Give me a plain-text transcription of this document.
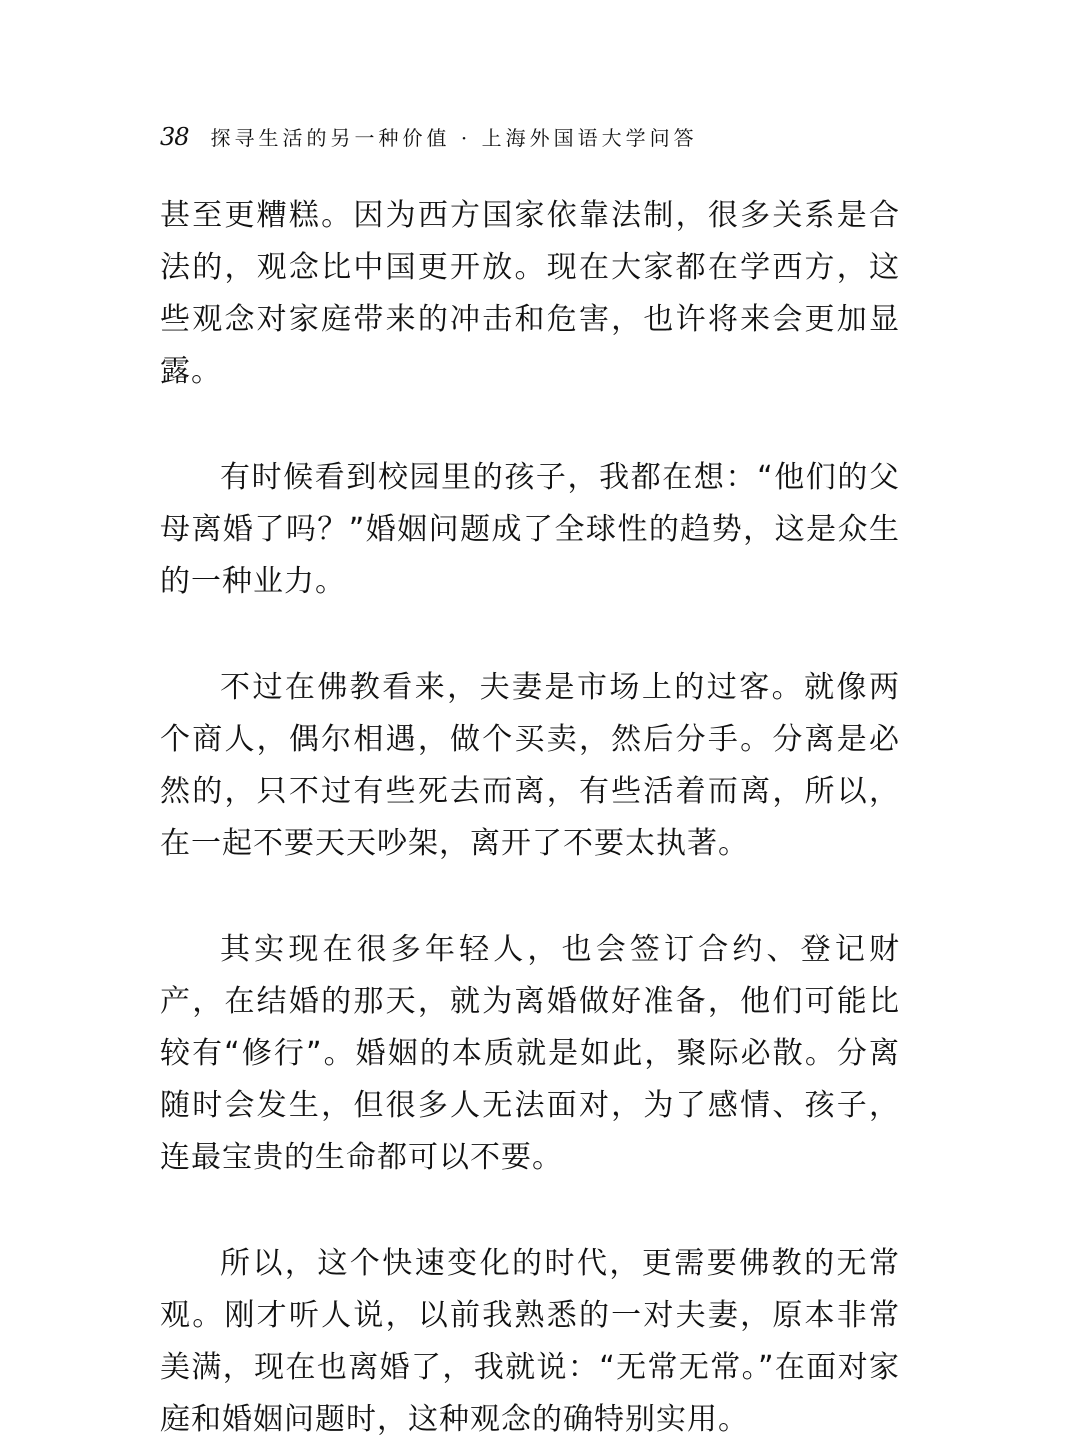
38 探寻生活的另一种价值 · 上海外国语大学问答

甚至更糟糕。因为西方国家依靠法制，很多关系是合法的，观念比中国更开放。现在大家都在学西方，这些观念对家庭带来的冲击和危害，也许将来会更加显露。

有时候看到校园里的孩子，我都在想：“他们的父母离婚了吗？”婚姻问题成了全球性的趋势，这是众生的一种业力。

不过在佛教看来，夫妻是市场上的过客。就像两个商人，偶尔相遇，做个买卖，然后分手。分离是必然的，只不过有些死去而离，有些活着而离，所以，在一起不要天天吵架，离开了不要太执著。

其实现在很多年轻人，也会签订合约、登记财产，在结婚的那天，就为离婚做好准备，他们可能比较有“修行”。婚姻的本质就是如此，聚际必散。分离随时会发生，但很多人无法面对，为了感情、孩子，连最宝贵的生命都可以不要。

所以，这个快速变化的时代，更需要佛教的无常观。刚才听人说，以前我熟悉的一对夫妻，原本非常美满，现在也离婚了，我就说：“无常无常。”在面对家庭和婚姻问题时，这种观念的确特别实用。
